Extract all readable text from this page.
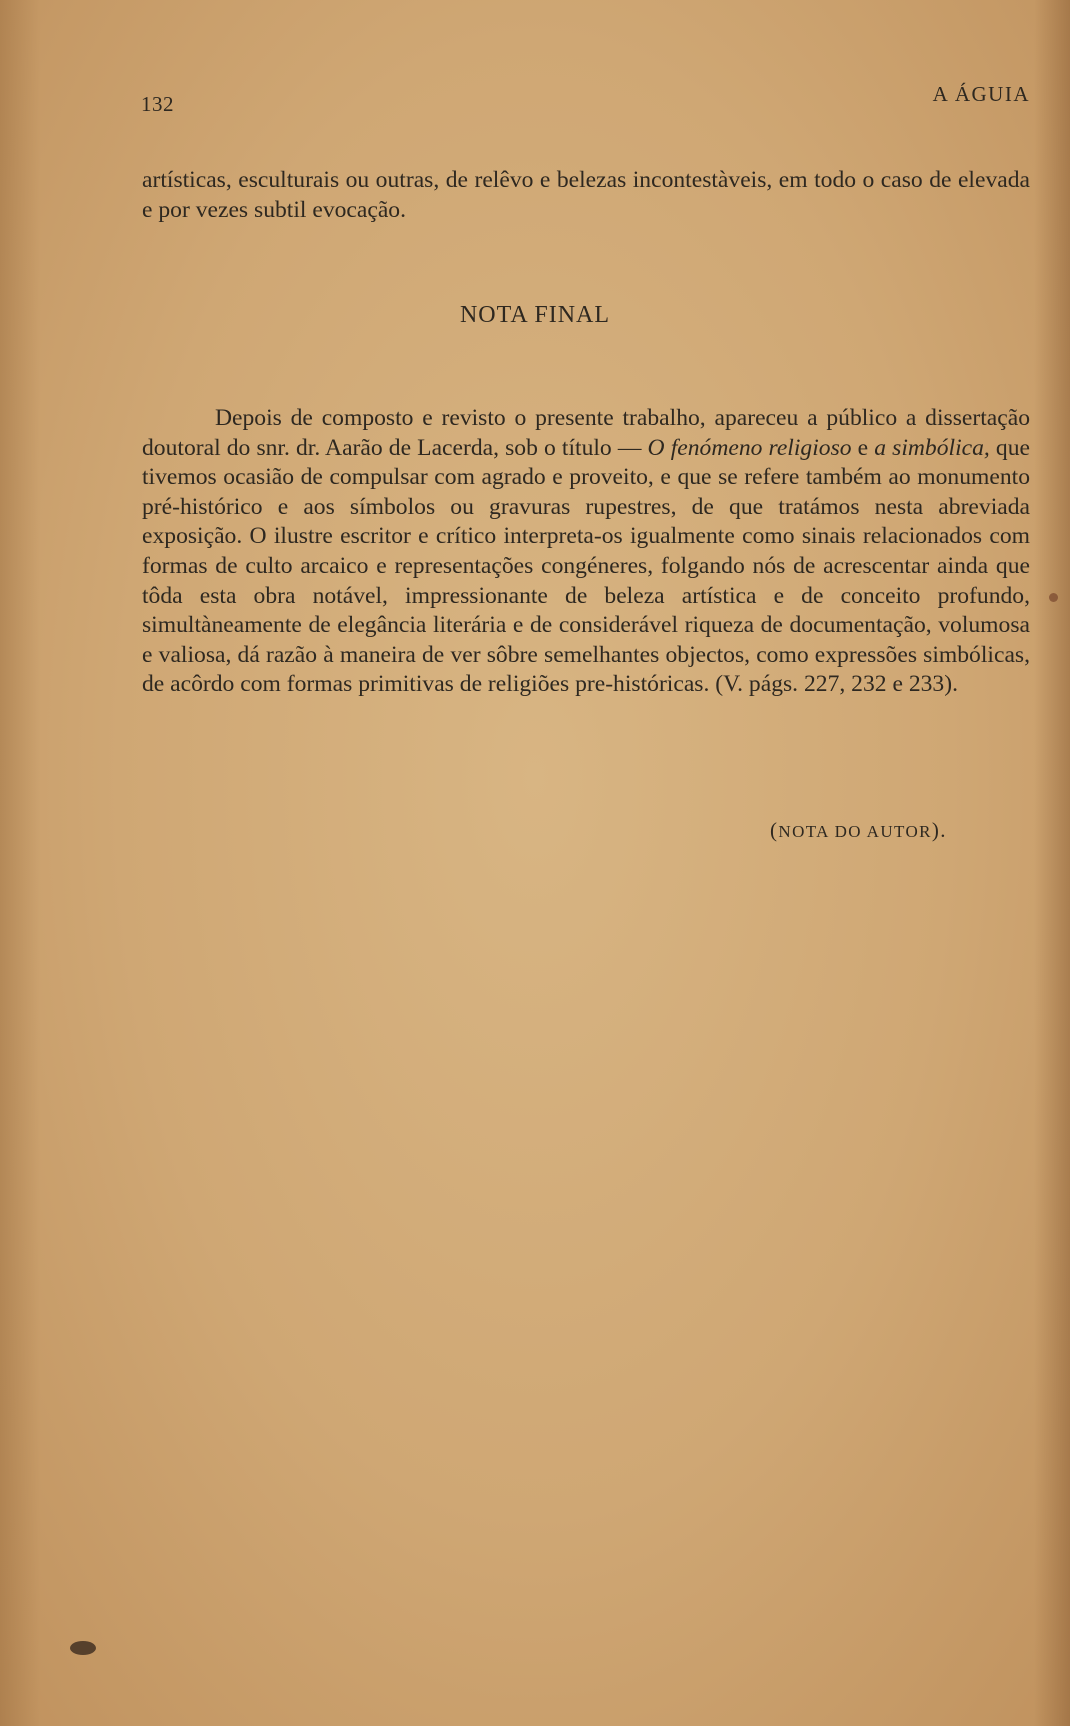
132	A ÁGUIA

artísticas, esculturais ou outras, de relêvo e belezas incontestàveis, em todo o caso de elevada e por vezes subtil evocação.

NOTA FINAL

Depois de composto e revisto o presente trabalho, apareceu a público a dissertação doutoral do snr. dr. Aarão de Lacerda, sob o título — O fenómeno religioso e a simbólica, que tivemos ocasião de compulsar com agrado e proveito, e que se refere também ao monumento pré-histórico e aos símbolos ou gravuras rupestres, de que tratámos nesta abreviada exposição. O ilustre escritor e crítico interpreta-os igualmente como sinais relacionados com formas de culto arcaico e representações congéneres, folgando nós de acrescentar ainda que tôda esta obra notável, impressionante de beleza artística e de conceito profundo, simultàneamente de elegância literária e de considerável riqueza de documentação, volumosa e valiosa, dá razão à maneira de ver sôbre semelhantes objectos, como expressões simbólicas, de acôrdo com formas primitivas de religiões pre-históricas. (V. págs. 227, 232 e 233).

(NOTA DO AUTOR).
